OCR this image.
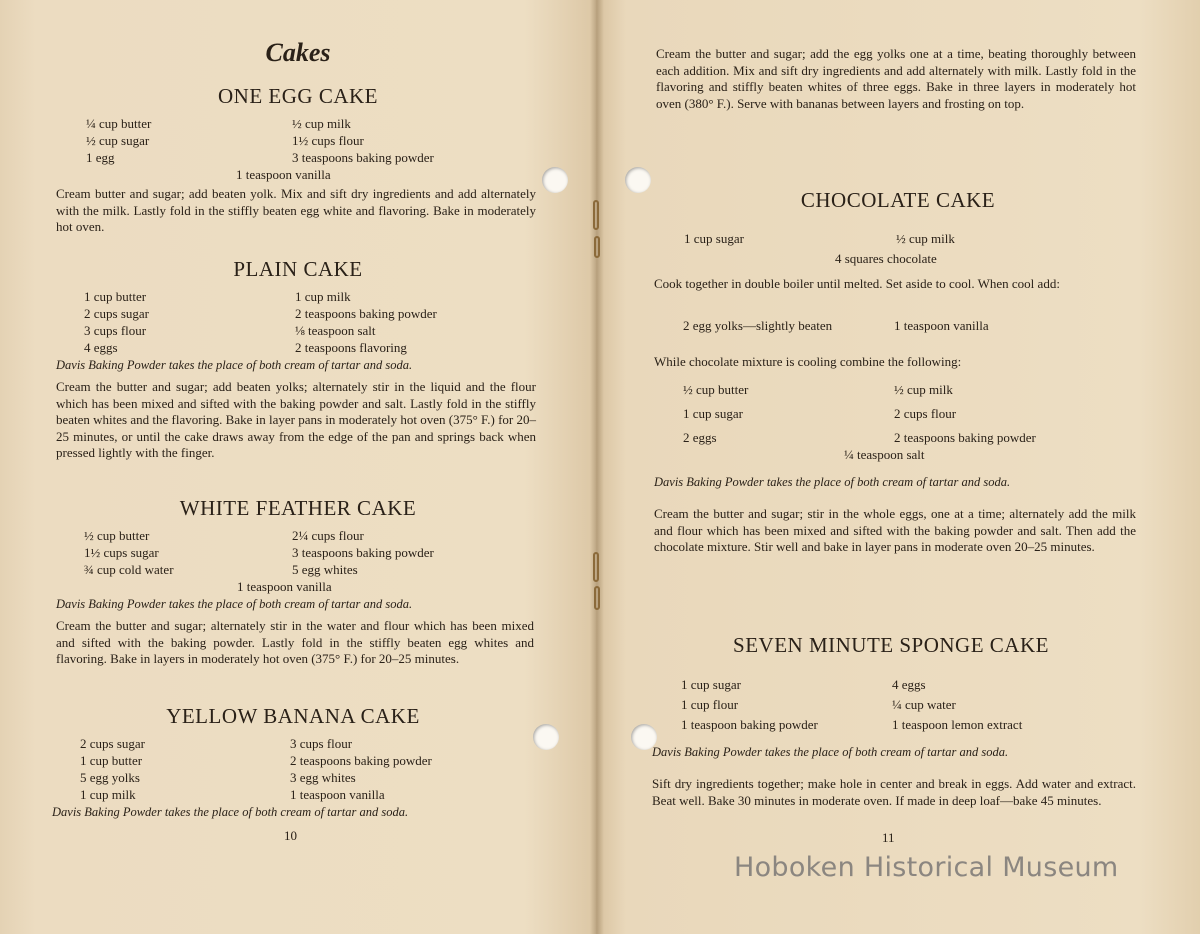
Cakes
ONE EGG CAKE
¼ cup butter
½ cup sugar
1 egg
½ cup milk
1½ cups flour
3 teaspoons baking powder
1 teaspoon vanilla
Cream butter and sugar; add beaten yolk. Mix and sift dry ingredients and add alternately with the milk. Lastly fold in the stiffly beaten egg white and flavoring. Bake in moderately hot oven.
PLAIN CAKE
1 cup butter
2 cups sugar
3 cups flour
4 eggs
1 cup milk
2 teaspoons baking powder
⅛ teaspoon salt
2 teaspoons flavoring
Davis Baking Powder takes the place of both cream of tartar and soda.
Cream the butter and sugar; add beaten yolks; alternately stir in the liquid and the flour which has been mixed and sifted with the baking powder and salt. Lastly fold in the stiffly beaten whites and the flavoring. Bake in layer pans in moderately hot oven (375° F.) for 20–25 minutes, or until the cake draws away from the edge of the pan and springs back when pressed lightly with the finger.
WHITE FEATHER CAKE
½ cup butter
1½ cups sugar
¾ cup cold water
2¼ cups flour
3 teaspoons baking powder
5 egg whites
1 teaspoon vanilla
Davis Baking Powder takes the place of both cream of tartar and soda.
Cream the butter and sugar; alternately stir in the water and flour which has been mixed and sifted with the baking powder. Lastly fold in the stiffly beaten egg whites and flavoring. Bake in layers in moderately hot oven (375° F.) for 20–25 minutes.
YELLOW BANANA CAKE
2 cups sugar
1 cup butter
5 egg yolks
1 cup milk
3 cups flour
2 teaspoons baking powder
3 egg whites
1 teaspoon vanilla
Davis Baking Powder takes the place of both cream of tartar and soda.
10
Cream the butter and sugar; add the egg yolks one at a time, beating thoroughly between each addition. Mix and sift dry ingredients and add alternately with milk. Lastly fold in the flavoring and stiffly beaten whites of three eggs. Bake in three layers in moderately hot oven (380° F.). Serve with bananas between layers and frosting on top.
CHOCOLATE CAKE
1 cup sugar	½ cup milk
4 squares chocolate
Cook together in double boiler until melted. Set aside to cool. When cool add:
2 egg yolks—slightly beaten	1 teaspoon vanilla
While chocolate mixture is cooling combine the following:
½ cup butter
1 cup sugar
2 eggs
½ cup milk
2 cups flour
2 teaspoons baking powder
¼ teaspoon salt
Davis Baking Powder takes the place of both cream of tartar and soda.
Cream the butter and sugar; stir in the whole eggs, one at a time; alternately add the milk and flour which has been mixed and sifted with the baking powder and salt. Then add the chocolate mixture. Stir well and bake in layer pans in moderate oven 20–25 minutes.
SEVEN MINUTE SPONGE CAKE
1 cup sugar
1 cup flour
1 teaspoon baking powder
4 eggs
¼ cup water
1 teaspoon lemon extract
Davis Baking Powder takes the place of both cream of tartar and soda.
Sift dry ingredients together; make hole in center and break in eggs. Add water and extract. Beat well. Bake 30 minutes in moderate oven. If made in deep loaf—bake 45 minutes.
11
Hoboken Historical Museum
